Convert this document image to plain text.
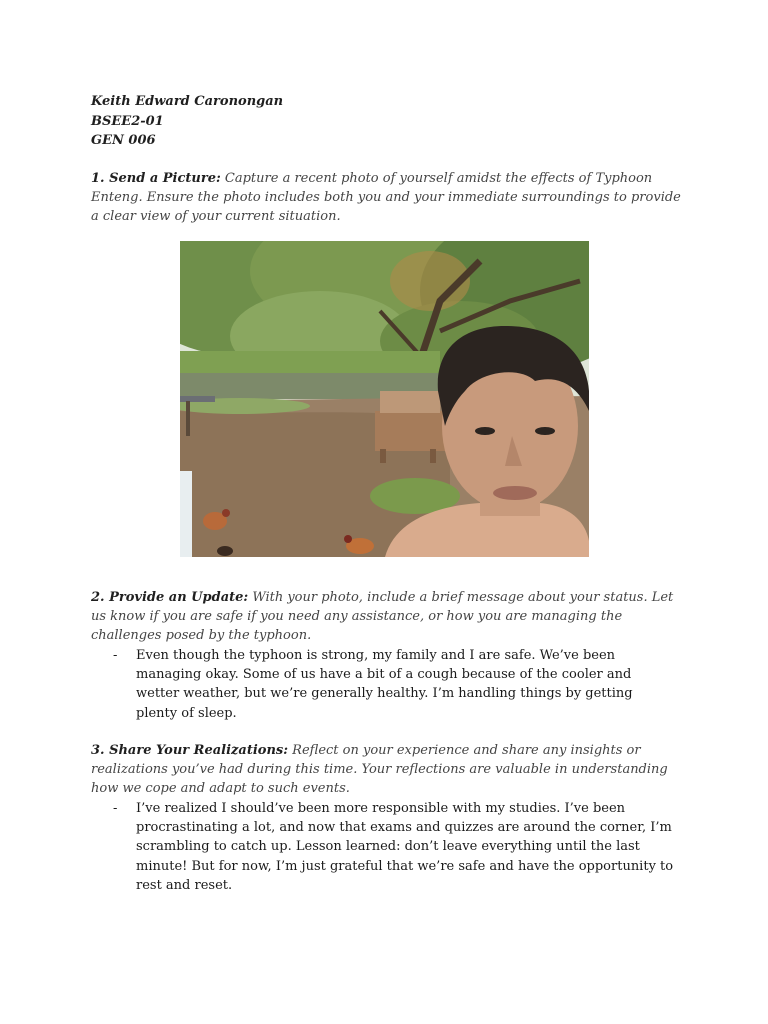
Keith Edward Caronongan
BSEE2-01
GEN 006

1. Send a Picture: Capture a recent photo of yourself amidst the effects of Typhoon Enteng. Ensure the photo includes both you and your immediate surroundings to provide a clear view of your current situation.

2. Provide an Update: With your photo, include a brief message about your status. Let us know if you are safe if you need any assistance, or how you are managing the challenges posed by the typhoon.

- Even though the typhoon is strong, my family and I are safe. We’ve been managing okay. Some of us have a bit of a cough because of the cooler and wetter weather, but we’re generally healthy. I’m handling things by getting plenty of sleep.

3. Share Your Realizations: Reflect on your experience and share any insights or realizations you’ve had during this time. Your reflections are valuable in understanding how we cope and adapt to such events.

- I’ve realized I should’ve been more responsible with my studies. I’ve been procrastinating a lot, and now that exams and quizzes are around the corner, I’m scrambling to catch up. Lesson learned: don’t leave everything until the last minute! But for now, I’m just grateful that we’re safe and have the opportunity to rest and reset.
